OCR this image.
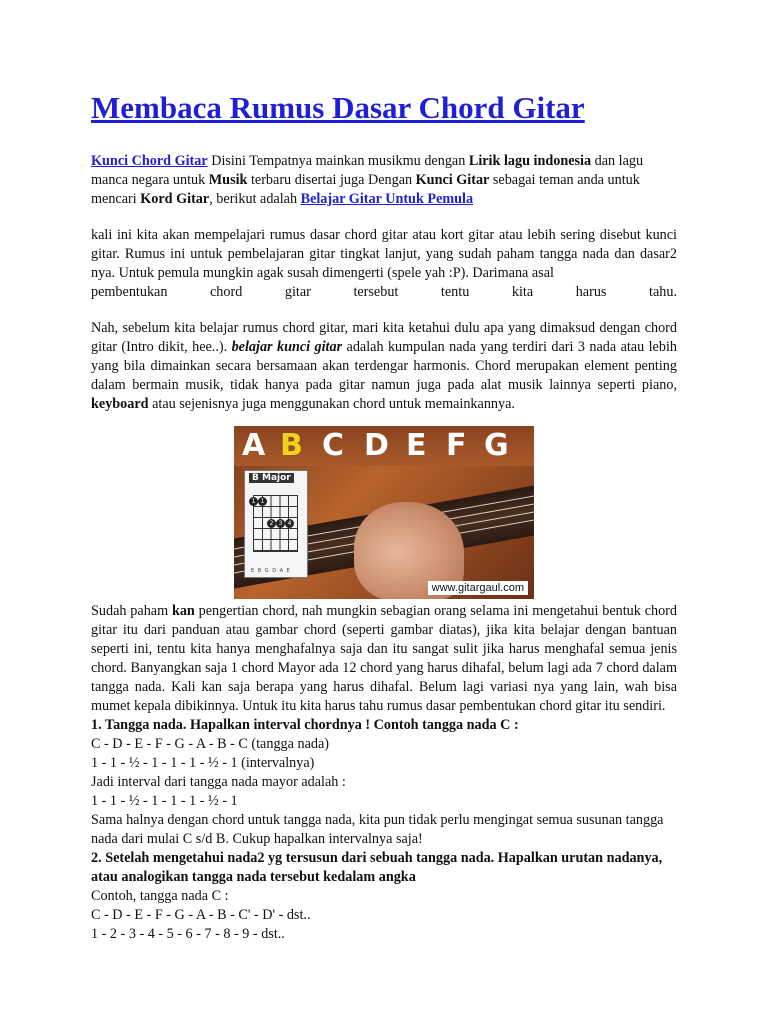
Membaca Rumus Dasar Chord Gitar

Kunci Chord Gitar Disini Tempatnya mainkan musikmu dengan Lirik lagu indonesia dan lagu manca negara untuk Musik terbaru disertai juga Dengan Kunci Gitar sebagai teman anda untuk mencari Kord Gitar, berikut adalah Belajar Gitar Untuk Pemula

kali ini kita akan mempelajari rumus dasar chord gitar atau kort gitar atau lebih sering disebut kunci gitar. Rumus ini untuk pembelajaran gitar tingkat lanjut, yang sudah paham tangga nada dan dasar2 nya. Untuk pemula mungkin agak susah dimengerti (spele yah :P). Darimana asal

pembentukan chord gitar tersebut tentu kita harus tahu.

Nah, sebelum kita belajar rumus chord gitar, mari kita ketahui dulu apa yang dimaksud dengan chord gitar (Intro dikit, hee..). belajar kunci gitar adalah kumpulan nada yang terdiri dari 3 nada atau lebih yang bila dimainkan secara bersamaan akan terdengar harmonis. Chord merupakan element penting dalam bermain musik, tidak hanya pada gitar namun juga pada alat musik lainnya seperti piano, keyboard atau sejenisnya juga menggunakan chord untuk memainkannya.

A B C D E F G
B Major
1 1
2 3 4
E B G D A E
www.gitargaul.com

Sudah paham kan pengertian chord, nah mungkin sebagian orang selama ini mengetahui bentuk chord gitar itu dari panduan atau gambar chord (seperti gambar diatas), jika kita belajar dengan bantuan seperti ini, tentu kita hanya menghafalnya saja dan itu sangat sulit jika harus menghafal semua jenis chord. Banyangkan saja 1 chord Mayor ada 12 chord yang harus dihafal, belum lagi ada 7 chord dalam tangga nada. Kali kan saja berapa yang harus dihafal. Belum lagi variasi nya yang lain, wah bisa mumet kepala dibikinnya. Untuk itu kita harus tahu rumus dasar pembentukan chord gitar itu sendiri.

1. Tangga nada. Hapalkan interval chordnya ! Contoh tangga nada C :

C - D - E - F - G - A - B - C (tangga nada)

1 - 1 - ½ - 1 - 1 - 1 - ½ - 1 (intervalnya)

Jadi interval dari tangga nada mayor adalah :

1 - 1 - ½ - 1 - 1 - 1 - ½ - 1

Sama halnya dengan chord untuk tangga nada, kita pun tidak perlu mengingat semua susunan tangga nada dari mulai C s/d B. Cukup hapalkan intervalnya saja!

2. Setelah mengetahui nada2 yg tersusun dari sebuah tangga nada. Hapalkan urutan nadanya, atau analogikan tangga nada tersebut kedalam angka

Contoh, tangga nada C :

C - D - E - F - G - A - B - C' - D' - dst..

1 - 2 - 3 - 4 - 5 - 6 - 7 - 8 - 9 - dst..
